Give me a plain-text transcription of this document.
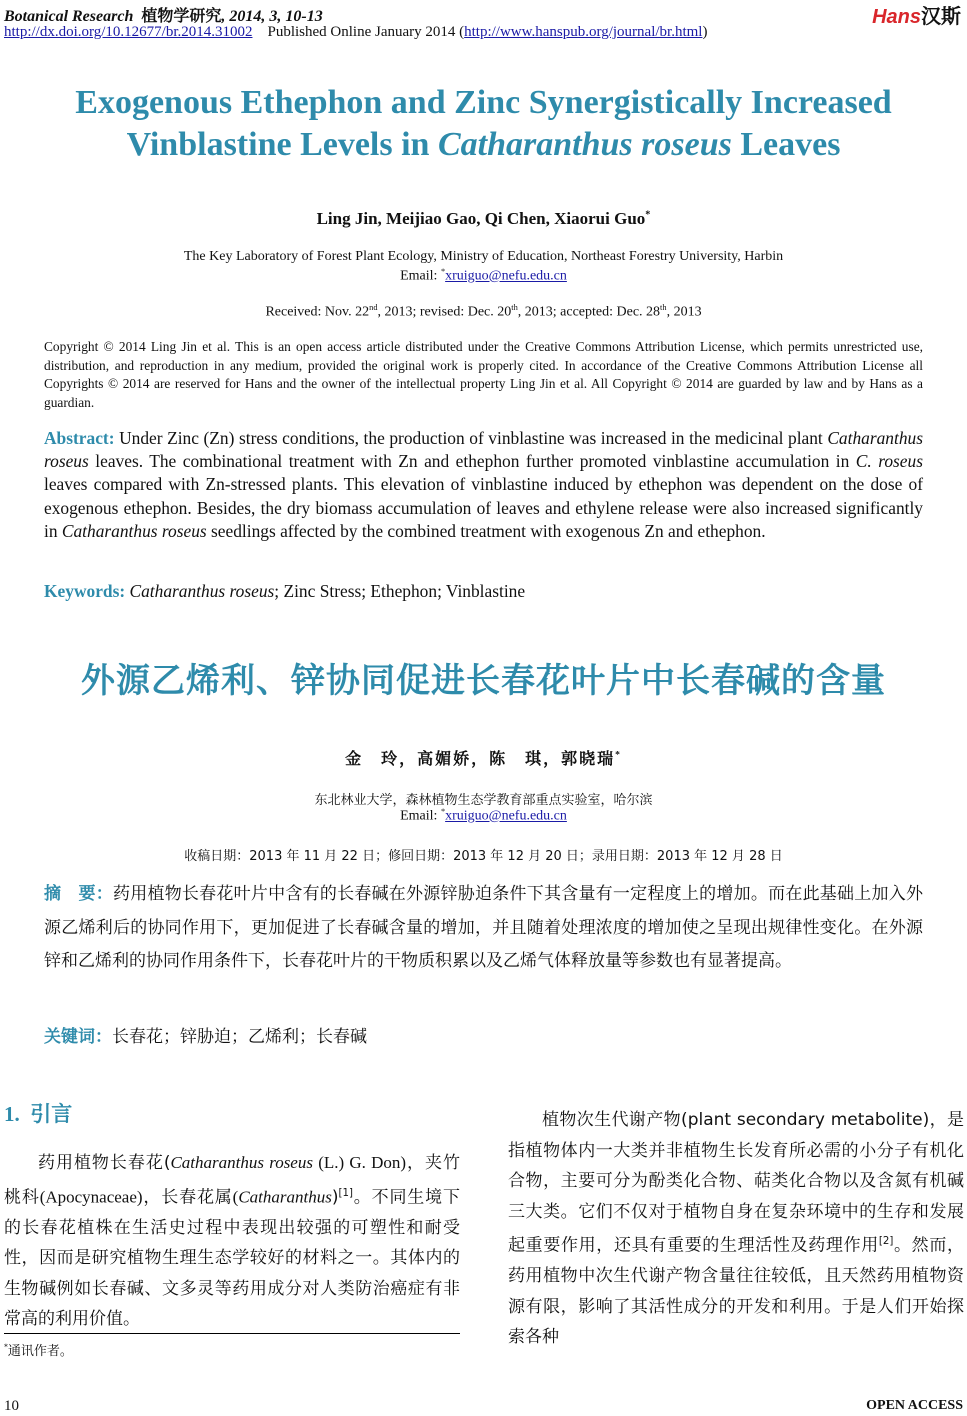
Botanical Research 植物学研究, 2014, 3, 10-13
http://dx.doi.org/10.12677/br.2014.31002 Published Online January 2014 (http://www.hanspub.org/journal/br.html)
Hans汉斯
Exogenous Ethephon and Zinc Synergistically Increased
Vinblastine Levels in Catharanthus roseus Leaves
Ling Jin, Meijiao Gao, Qi Chen, Xiaorui Guo*
The Key Laboratory of Forest Plant Ecology, Ministry of Education, Northeast Forestry University, Harbin
Email: *xruiguo@nefu.edu.cn
Received: Nov. 22nd, 2013; revised: Dec. 20th, 2013; accepted: Dec. 28th, 2013
Copyright © 2014 Ling Jin et al. This is an open access article distributed under the Creative Commons Attribution License, which permits unrestricted use, distribution, and reproduction in any medium, provided the original work is properly cited. In accordance of the Creative Commons Attribution License all Copyrights © 2014 are reserved for Hans and the owner of the intellectual property Ling Jin et al. All Copyright © 2014 are guarded by law and by Hans as a guardian.
Abstract: Under Zinc (Zn) stress conditions, the production of vinblastine was increased in the medicinal plant Catharanthus roseus leaves. The combinational treatment with Zn and ethephon further promoted vinblastine accumulation in C. roseus leaves compared with Zn-stressed plants. This elevation of vinblastine induced by ethephon was dependent on the dose of exogenous ethephon. Besides, the dry biomass accumulation of leaves and ethylene release were also increased significantly in Catharanthus roseus seedlings affected by the combined treatment with exogenous Zn and ethephon.
Keywords: Catharanthus roseus; Zinc Stress; Ethephon; Vinblastine
外源乙烯利、锌协同促进长春花叶片中长春碱的含量
金　玲，高媚娇，陈　琪，郭晓瑞*
东北林业大学，森林植物生态学教育部重点实验室，哈尔滨
Email: *xruiguo@nefu.edu.cn
收稿日期：2013 年 11 月 22 日；修回日期：2013 年 12 月 20 日；录用日期：2013 年 12 月 28 日
摘　要：药用植物长春花叶片中含有的长春碱在外源锌胁迫条件下其含量有一定程度上的增加。而在此基础上加入外源乙烯利后的协同作用下，更加促进了长春碱含量的增加，并且随着处理浓度的增加使之呈现出规律性变化。在外源锌和乙烯利的协同作用条件下，长春花叶片的干物质积累以及乙烯气体释放量等参数也有显著提高。
关键词：长春花；锌胁迫；乙烯利；长春碱
1. 引言

药用植物长春花(Catharanthus roseus (L.) G. Don)，夹竹桃科(Apocynaceae)，长春花属(Catharanthus)[1]。不同生境下的长春花植株在生活史过程中表现出较强的可塑性和耐受性，因而是研究植物生理生态学较好的材料之一。其体内的生物碱例如长春碱、文多灵等药用成分对人类防治癌症有非常高的利用价值。

*通讯作者。

植物次生代谢产物(plant secondary metabolite)，是指植物体内一大类并非植物生长发育所必需的小分子有机化合物，主要可分为酚类化合物、萜类化合物以及含氮有机碱三大类。它们不仅对于植物自身在复杂环境中的生存和发展起重要作用，还具有重要的生理活性及药理作用[2]。然而，药用植物中次生代谢产物含量往往较低，且天然药用植物资源有限，影响了其活性成分的开发和利用。于是人们开始探索各种

10	OPEN ACCESS
